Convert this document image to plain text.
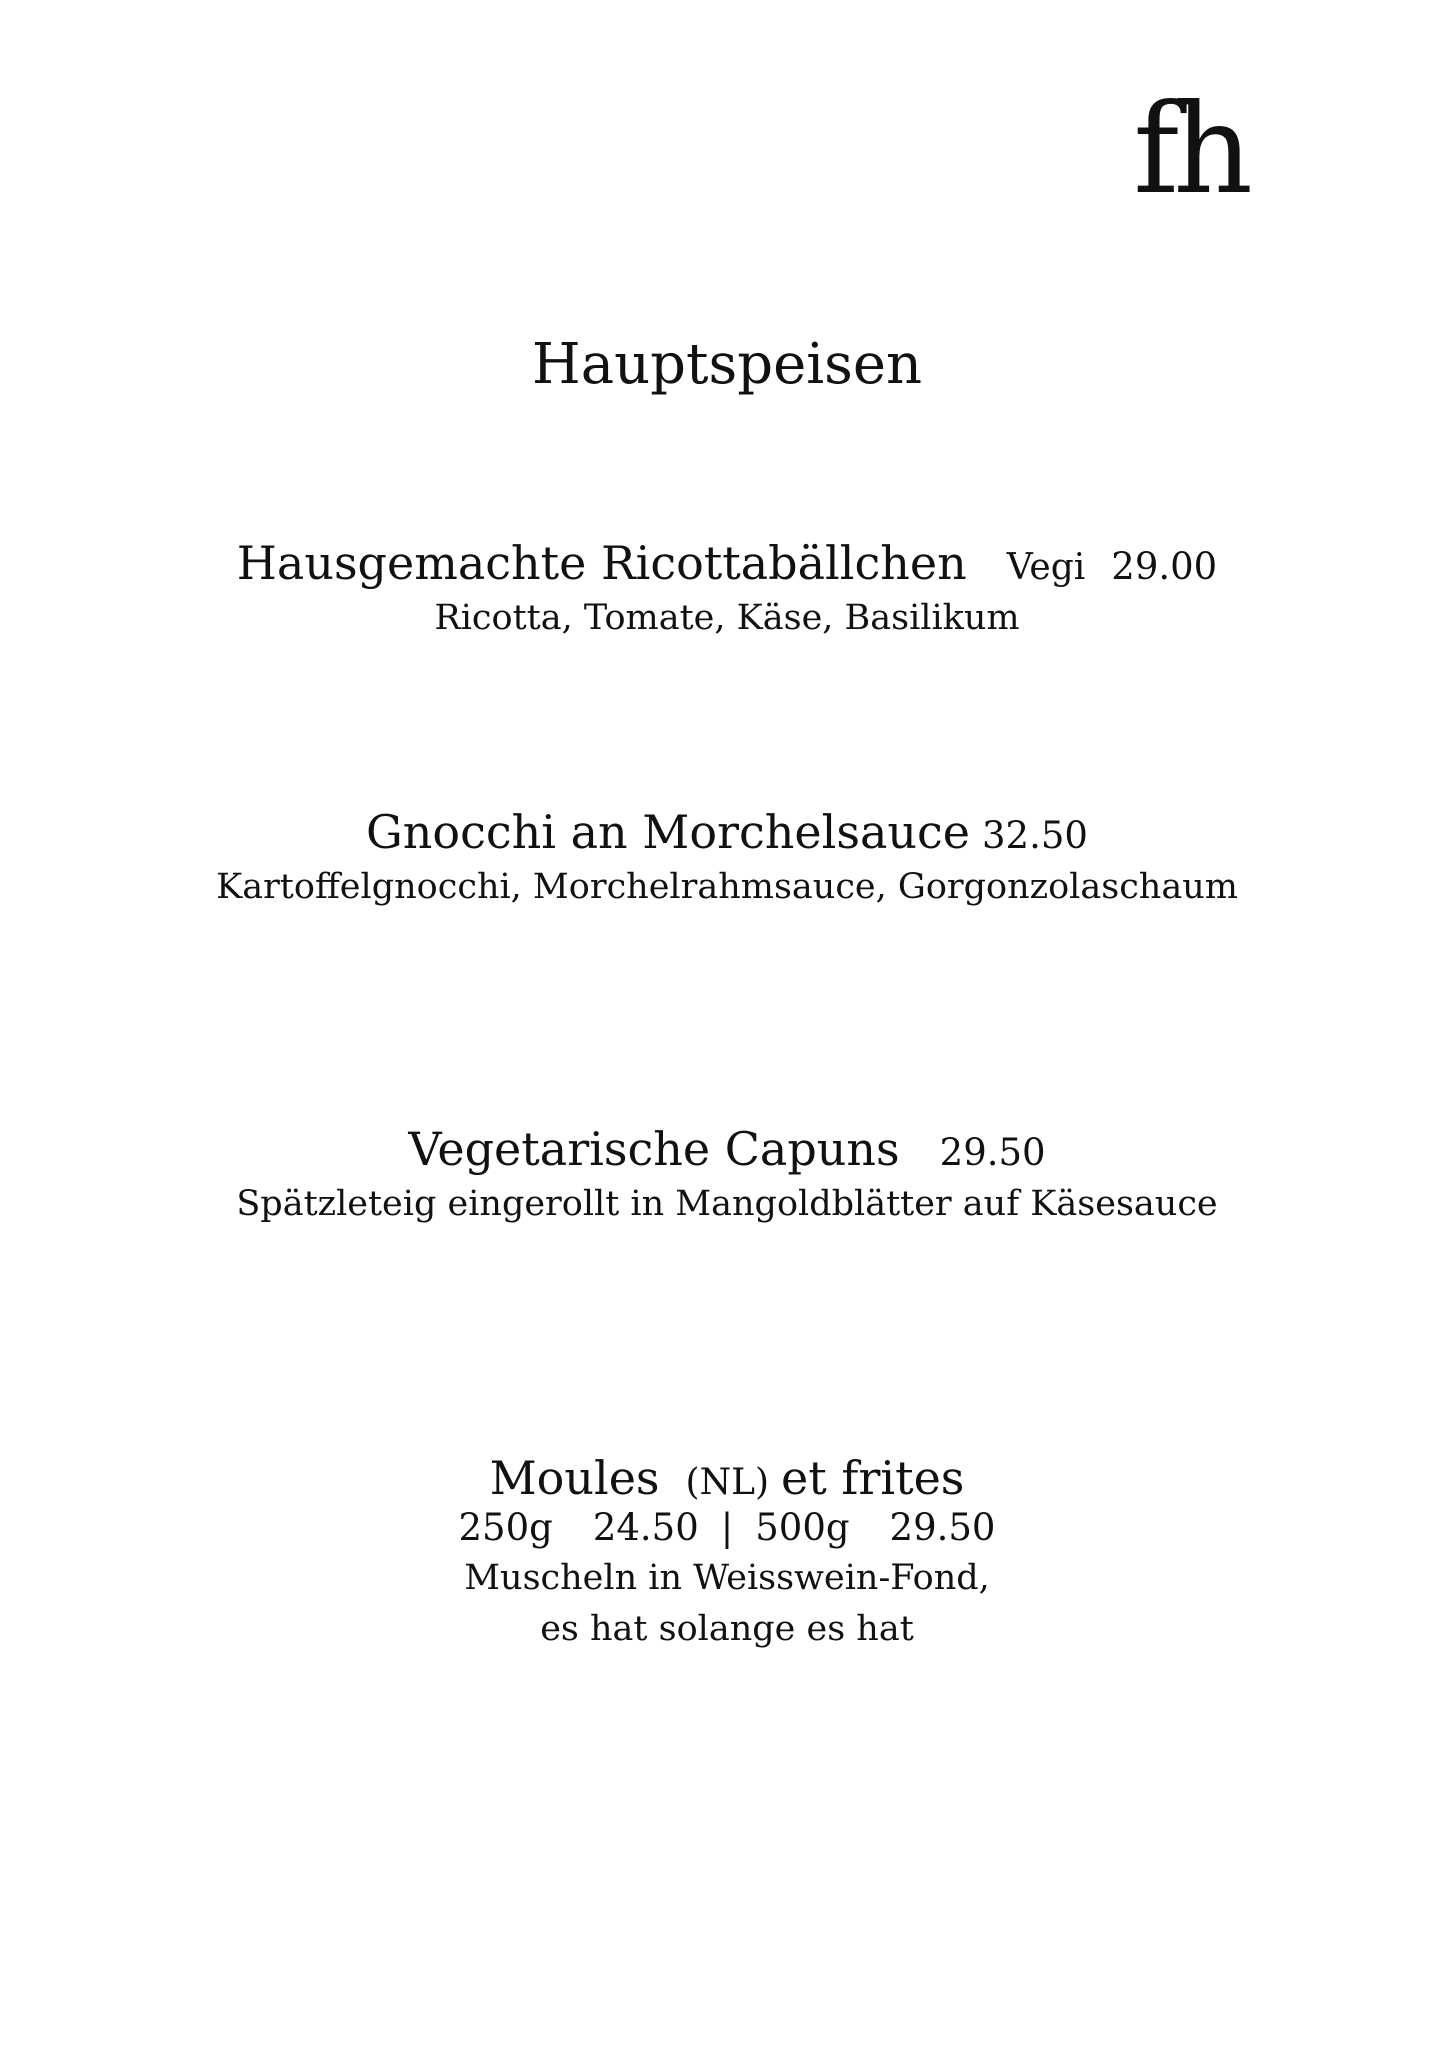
fh
Hauptspeisen
Hausgemachte Ricottabällchen Vegi 29.00
Ricotta, Tomate, Käse, Basilikum
Gnocchi an Morchelsauce 32.50
Kartoffelgnocchi, Morchelrahmsauce, Gorgonzolaschaum
Vegetarische Capuns 29.50
Spätzleteig eingerollt in Mangoldblätter auf Käsesauce
Moules (NL) et frites
250g 24.50 | 500g 29.50
Muscheln in Weisswein-Fond,
es hat solange es hat
